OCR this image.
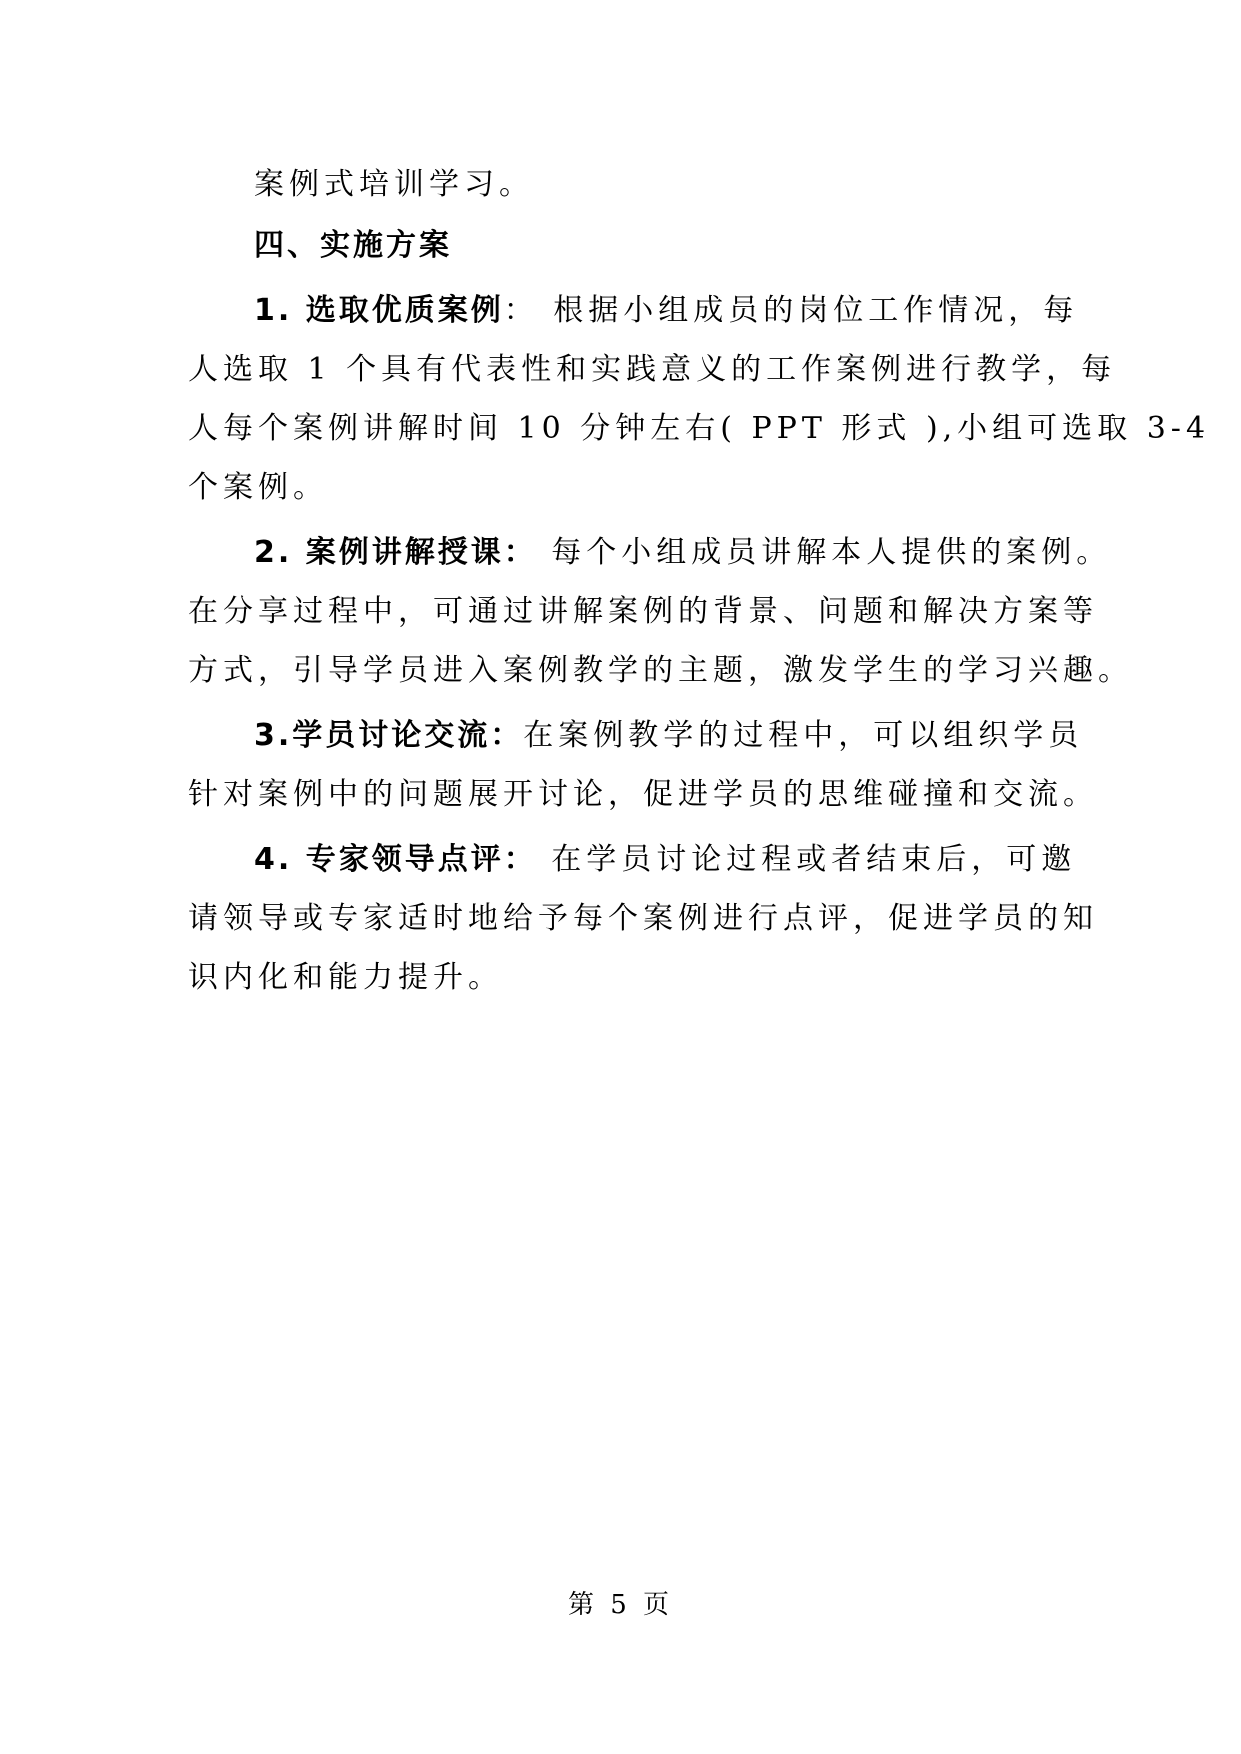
案例式培训学习。
四、实施方案
1. 选取优质案例： 根据小组成员的岗位工作情况，每
人选取 1 个具有代表性和实践意义的工作案例进行教学，每
人每个案例讲解时间 10 分钟左右( PPT 形式 ),小组可选取 3-4
个案例。
2. 案例讲解授课： 每个小组成员讲解本人提供的案例。
在分享过程中，可通过讲解案例的背景、问题和解决方案等
方式，引导学员进入案例教学的主题，激发学生的学习兴趣。
3.学员讨论交流：在案例教学的过程中，可以组织学员
针对案例中的问题展开讨论，促进学员的思维碰撞和交流。
4. 专家领导点评： 在学员讨论过程或者结束后，可邀
请领导或专家适时地给予每个案例进行点评，促进学员的知
识内化和能力提升。
第 5 页
